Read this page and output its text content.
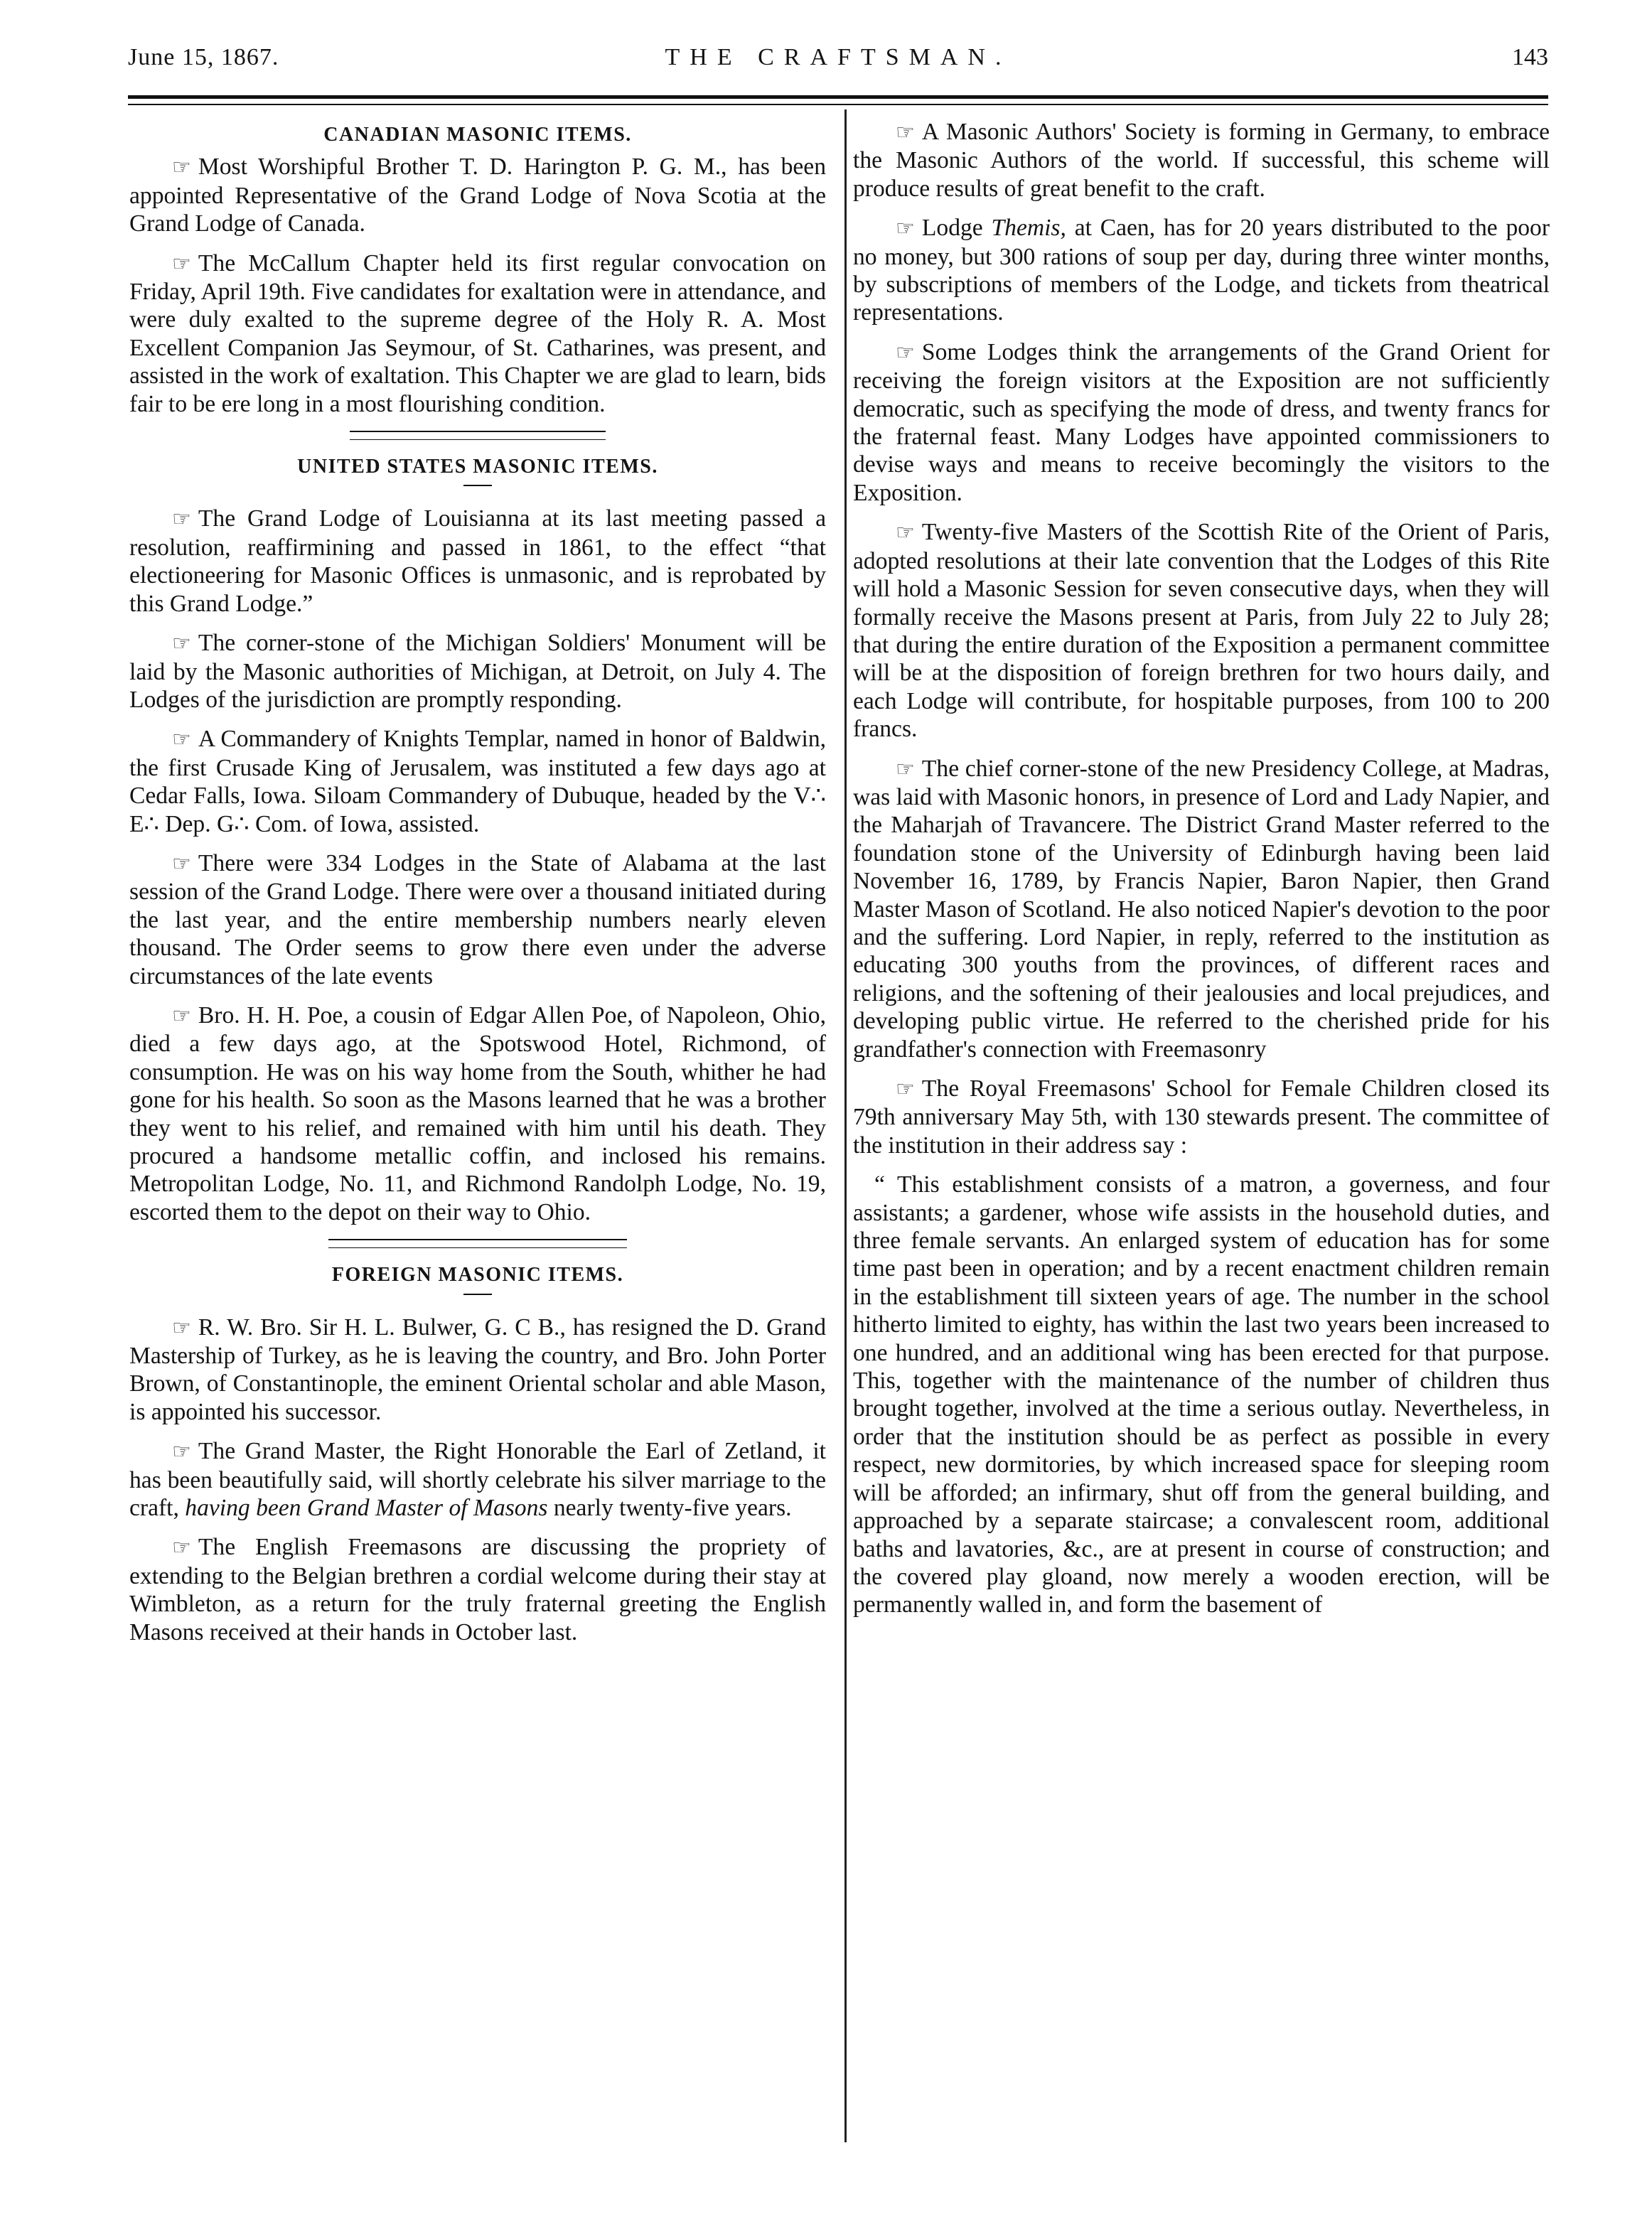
June 15, 1867.	THE CRAFTSMAN.	143
CANADIAN MASONIC ITEMS.

☞ Most Worshipful Brother T. D. Harington P. G. M., has been appointed Representative of the Grand Lodge of Nova Scotia at the Grand Lodge of Canada.

☞ The McCallum Chapter held its first regular convocation on Friday, April 19th. Five candidates for exaltation were in attendance, and were duly exalted to the supreme degree of the Holy R. A. Most Excellent Companion Jas Seymour, of St. Catharines, was present, and assisted in the work of exaltation. This Chapter we are glad to learn, bids fair to be ere long in a most flourishing condition.

UNITED STATES MASONIC ITEMS.

☞ The Grand Lodge of Louisianna at its last meeting passed a resolution, reaffirmining and passed in 1861, to the effect “that electioneering for Masonic Offices is unmasonic, and is reprobated by this Grand Lodge.”

☞ The corner-stone of the Michigan Soldiers' Monument will be laid by the Masonic authorities of Michigan, at Detroit, on July 4. The Lodges of the jurisdiction are promptly responding.

☞ A Commandery of Knights Templar, named in honor of Baldwin, the first Crusade King of Jerusalem, was instituted a few days ago at Cedar Falls, Iowa. Siloam Commandery of Dubuque, headed by the V∴ E∴ Dep. G∴ Com. of Iowa, assisted.

☞ There were 334 Lodges in the State of Alabama at the last session of the Grand Lodge. There were over a thousand initiated during the last year, and the entire membership numbers nearly eleven thousand. The Order seems to grow there even under the adverse circumstances of the late events

☞ Bro. H. H. Poe, a cousin of Edgar Allen Poe, of Napoleon, Ohio, died a few days ago, at the Spotswood Hotel, Richmond, of consumption. He was on his way home from the South, whither he had gone for his health. So soon as the Masons learned that he was a brother they went to his relief, and remained with him until his death. They procured a handsome metallic coffin, and inclosed his remains. Metropolitan Lodge, No. 11, and Richmond Randolph Lodge, No. 19, escorted them to the depot on their way to Ohio.

FOREIGN MASONIC ITEMS.

☞ R. W. Bro. Sir H. L. Bulwer, G. C B., has resigned the D. Grand Mastership of Turkey, as he is leaving the country, and Bro. John Porter Brown, of Constantinople, the eminent Oriental scholar and able Mason, is appointed his successor.

☞ The Grand Master, the Right Honorable the Earl of Zetland, it has been beautifully said, will shortly celebrate his silver marriage to the craft, having been Grand Master of Masons nearly twenty-five years.

☞ The English Freemasons are discussing the propriety of extending to the Belgian brethren a cordial welcome during their stay at Wimbleton, as a return for the truly fraternal greeting the English Masons received at their hands in October last.

☞ A Masonic Authors' Society is forming in Germany, to embrace the Masonic Authors of the world. If successful, this scheme will produce results of great benefit to the craft.

☞ Lodge Themis, at Caen, has for 20 years distributed to the poor no money, but 300 rations of soup per day, during three winter months, by subscriptions of members of the Lodge, and tickets from theatrical representations.

☞ Some Lodges think the arrangements of the Grand Orient for receiving the foreign visitors at the Exposition are not sufficiently democratic, such as specifying the mode of dress, and twenty francs for the fraternal feast. Many Lodges have appointed commissioners to devise ways and means to receive becomingly the visitors to the Exposition.

☞ Twenty-five Masters of the Scottish Rite of the Orient of Paris, adopted resolutions at their late convention that the Lodges of this Rite will hold a Masonic Session for seven consecutive days, when they will formally receive the Masons present at Paris, from July 22 to July 28; that during the entire duration of the Exposition a permanent committee will be at the disposition of foreign brethren for two hours daily, and each Lodge will contribute, for hospitable purposes, from 100 to 200 francs.

☞ The chief corner-stone of the new Presidency College, at Madras, was laid with Masonic honors, in presence of Lord and Lady Napier, and the Maharjah of Travancere. The District Grand Master referred to the foundation stone of the University of Edinburgh having been laid November 16, 1789, by Francis Napier, Baron Napier, then Grand Master Mason of Scotland. He also noticed Napier's devotion to the poor and the suffering. Lord Napier, in reply, referred to the institution as educating 300 youths from the provinces, of different races and religions, and the softening of their jealousies and local prejudices, and developing public virtue. He referred to the cherished pride for his grandfather's connection with Freemasonry

☞ The Royal Freemasons' School for Female Children closed its 79th anniversary May 5th, with 130 stewards present. The committee of the institution in their address say :

“ This establishment consists of a matron, a governess, and four assistants; a gardener, whose wife assists in the household duties, and three female servants. An enlarged system of education has for some time past been in operation; and by a recent enactment children remain in the establishment till sixteen years of age. The number in the school hitherto limited to eighty, has within the last two years been increased to one hundred, and an additional wing has been erected for that purpose. This, together with the maintenance of the number of children thus brought together, involved at the time a serious outlay. Nevertheless, in order that the institution should be as perfect as possible in every respect, new dormitories, by which increased space for sleeping room will be afforded; an infirmary, shut off from the general building, and approached by a separate staircase; a convalescent room, additional baths and lavatories, &c., are at present in course of construction; and the covered play gloand, now merely a wooden erection, will be permanently walled in, and form the basement of
